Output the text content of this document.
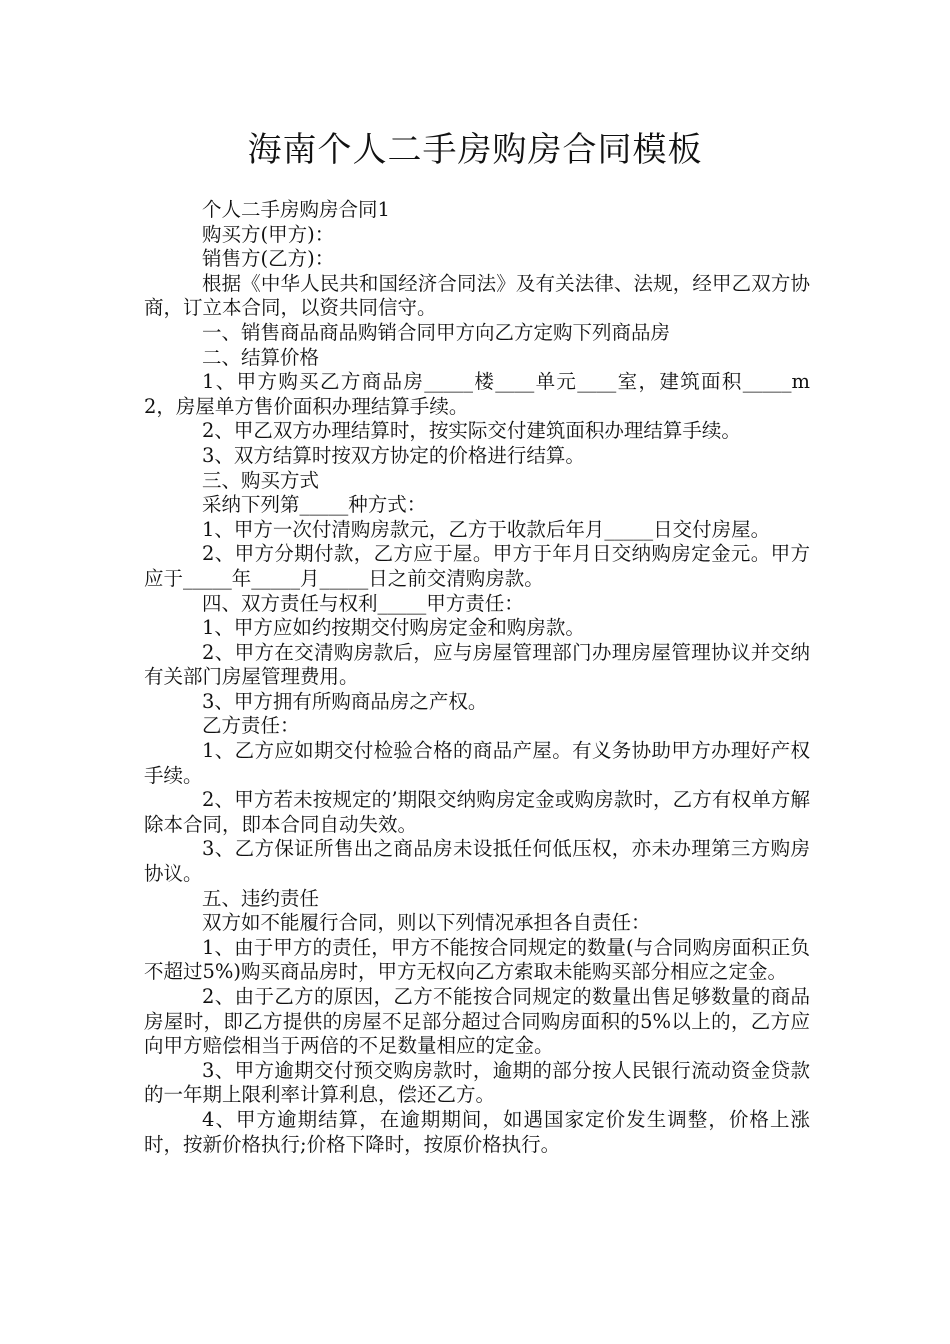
海南个人二手房购房合同模板

个人二手房购房合同1

购买方(甲方)：

销售方(乙方)：

根据《中华人民共和国经济合同法》及有关法律、法规，经甲乙双方协商，订立本合同，以资共同信守。

一、销售商品商品购销合同甲方向乙方定购下列商品房

二、结算价格

1、甲方购买乙方商品房_____楼____单元____室，建筑面积_____m2，房屋单方售价面积办理结算手续。

2、甲乙双方办理结算时，按实际交付建筑面积办理结算手续。

3、双方结算时按双方协定的价格进行结算。

三、购买方式

采纳下列第_____种方式：

1、甲方一次付清购房款元，乙方于收款后年月_____日交付房屋。

2、甲方分期付款，乙方应于屋。甲方于年月日交纳购房定金元。甲方应于_____年_____月_____日之前交清购房款。

四、双方责任与权利_____甲方责任：

1、甲方应如约按期交付购房定金和购房款。

2、甲方在交清购房款后，应与房屋管理部门办理房屋管理协议并交纳有关部门房屋管理费用。

3、甲方拥有所购商品房之产权。

乙方责任：

1、乙方应如期交付检验合格的商品产屋。有义务协助甲方办理好产权手续。

2、甲方若未按规定的’期限交纳购房定金或购房款时，乙方有权单方解除本合同，即本合同自动失效。

3、乙方保证所售出之商品房未设抵任何低压权，亦未办理第三方购房协议。

五、违约责任

双方如不能履行合同，则以下列情况承担各自责任：

1、由于甲方的责任，甲方不能按合同规定的数量(与合同购房面积正负不超过5%)购买商品房时，甲方无权向乙方索取未能购买部分相应之定金。

2、由于乙方的原因，乙方不能按合同规定的数量出售足够数量的商品房屋时，即乙方提供的房屋不足部分超过合同购房面积的5%以上的，乙方应向甲方赔偿相当于两倍的不足数量相应的定金。

3、甲方逾期交付预交购房款时，逾期的部分按人民银行流动资金贷款的一年期上限利率计算利息，偿还乙方。

4、甲方逾期结算，在逾期期间，如遇国家定价发生调整，价格上涨时，按新价格执行;价格下降时，按原价格执行。
